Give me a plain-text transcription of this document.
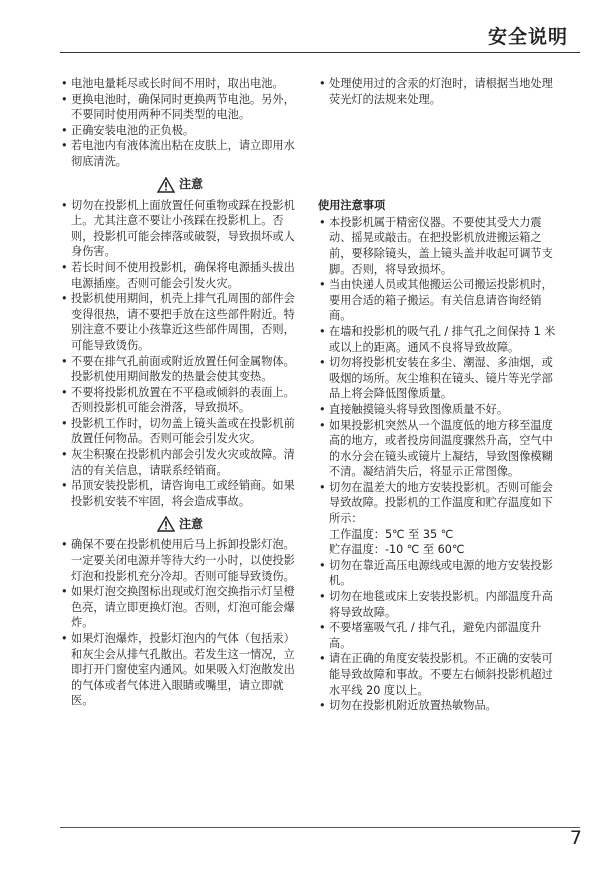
安全说明

• 电池电量耗尽或长时间不用时，取出电池。

• 更换电池时，确保同时更换两节电池。另外，不要同时使用两种不同类型的电池。

• 正确安装电池的正负极。

• 若电池内有液体流出粘在皮肤上，请立即用水彻底清洗。

注意

• 切勿在投影机上面放置任何重物或踩在投影机上。尤其注意不要让小孩踩在投影机上。否则，投影机可能会摔落或破裂，导致损坏或人身伤害。

• 若长时间不使用投影机，确保将电源插头拔出电源插座。否则可能会引发火灾。

• 投影机使用期间，机壳上排气孔周围的部件会变得很热，请不要把手放在这些部件附近。特别注意不要让小孩靠近这些部件周围，否则，可能导致烫伤。

• 不要在排气孔前面或附近放置任何金属物体。投影机使用期间散发的热量会使其变热。

• 不要将投影机放置在不平稳或倾斜的表面上。否则投影机可能会滑落，导致损坏。

• 投影机工作时，切勿盖上镜头盖或在投影机前放置任何物品。否则可能会引发火灾。

• 灰尘积聚在投影机内部会引发火灾或故障。清洁的有关信息，请联系经销商。

• 吊顶安装投影机，请咨询电工或经销商。如果投影机安装不牢固，将会造成事故。

注意

• 确保不要在投影机使用后马上拆卸投影灯泡。一定要关闭电源并等待大约一小时，以使投影灯泡和投影机充分冷却。否则可能导致烫伤。

• 如果灯泡交换图标出现或灯泡交换指示灯呈橙色亮，请立即更换灯泡。否则，灯泡可能会爆炸。

• 如果灯泡爆炸，投影灯泡内的气体（包括汞）和灰尘会从排气孔散出。若发生这一情况，立即打开门窗使室内通风。如果吸入灯泡散发出的气体或者气体进入眼睛或嘴里，请立即就医。

• 处理使用过的含汞的灯泡时，请根据当地处理荧光灯的法规来处理。

使用注意事项

• 本投影机属于精密仪器。不要使其受大力震动、摇晃或敲击。在把投影机放进搬运箱之前，要移除镜头，盖上镜头盖并收起可调节支脚。否则，将导致损坏。

• 当由快递人员或其他搬运公司搬运投影机时，要用合适的箱子搬运。有关信息请咨询经销商。

• 在墙和投影机的吸气孔 / 排气孔之间保持 1 米或以上的距离。通风不良将导致故障。

• 切勿将投影机安装在多尘、潮湿、多油烟，或吸烟的场所。灰尘堆积在镜头、镜片等光学部品上将会降低图像质量。

• 直接触摸镜头将导致图像质量不好。

• 如果投影机突然从一个温度低的地方移至温度高的地方，或者投房间温度骤然升高，空气中的水分会在镜头或镜片上凝结，导致图像模糊不清。凝结消失后，将显示正常图像。

• 切勿在温差大的地方安装投影机。否则可能会导致故障。投影机的工作温度和贮存温度如下所示：

工作温度：5℃ 至 35 ℃

贮存温度：-10 ℃ 至 60℃

• 切勿在靠近高压电源线或电源的地方安装投影机。

• 切勿在地毯或床上安装投影机。内部温度升高将导致故障。

• 不要堵塞吸气孔 / 排气孔，避免内部温度升高。

• 请在正确的角度安装投影机。不正确的安装可能导致故障和事故。不要左右倾斜投影机超过水平线 20 度以上。

• 切勿在投影机附近放置热敏物品。

7
